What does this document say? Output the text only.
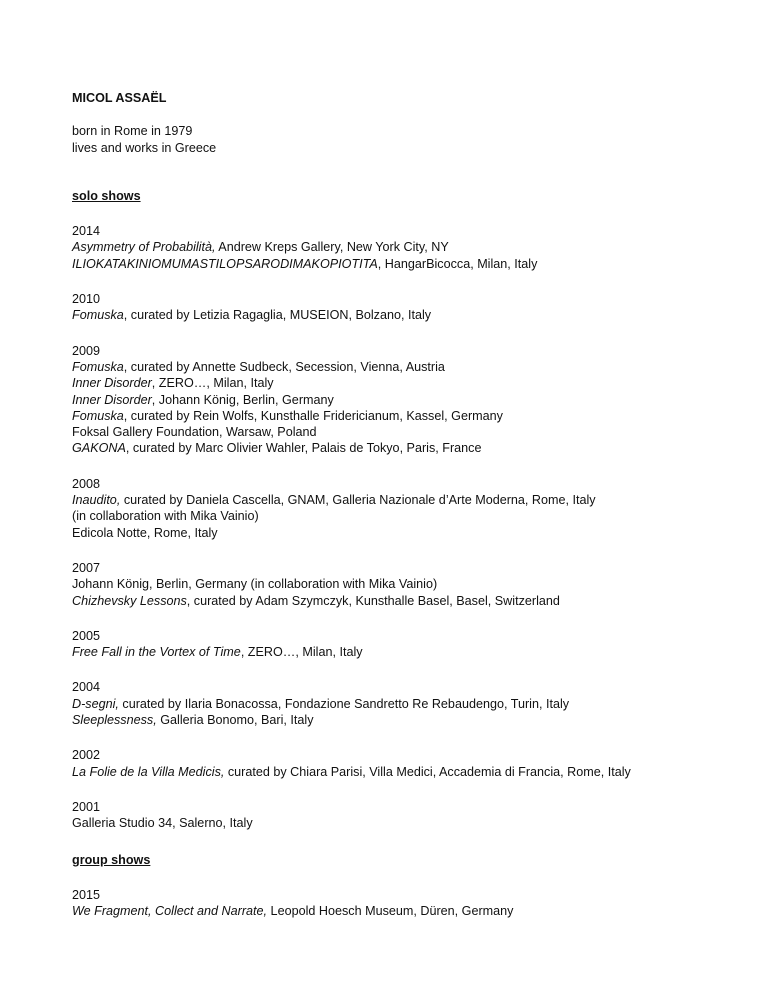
MICOL ASSAËL
born in Rome in 1979
lives and works in Greece
solo shows
2014
Asymmetry of Probabilità, Andrew Kreps Gallery, New York City, NY
ILIOKATAKINIOMUMASTILOPSARODIMAKOPIOTITA, HangarBicocca, Milan, Italy
2010
Fomuska, curated by Letizia Ragaglia, MUSEION, Bolzano, Italy
2009
Fomuska, curated by Annette Sudbeck, Secession, Vienna, Austria
Inner Disorder, ZERO…, Milan, Italy
Inner Disorder, Johann König, Berlin, Germany
Fomuska, curated by Rein Wolfs, Kunsthalle Fridericianum, Kassel, Germany
Foksal Gallery Foundation, Warsaw, Poland
GAKONA, curated by Marc Olivier Wahler, Palais de Tokyo, Paris, France
2008
Inaudito, curated by Daniela Cascella, GNAM, Galleria Nazionale d’Arte Moderna, Rome, Italy
(in collaboration with Mika Vainio)
Edicola Notte, Rome, Italy
2007
Johann König, Berlin, Germany (in collaboration with Mika Vainio)
Chizhevsky Lessons, curated by Adam Szymczyk, Kunsthalle Basel, Basel, Switzerland
2005
Free Fall in the Vortex of Time, ZERO…, Milan, Italy
2004
D-segni, curated by Ilaria Bonacossa, Fondazione Sandretto Re Rebaudengo, Turin, Italy
Sleeplessness, Galleria Bonomo, Bari, Italy
2002
La Folie de la Villa Medicis, curated by Chiara Parisi, Villa Medici, Accademia di Francia, Rome, Italy
2001
Galleria Studio 34, Salerno, Italy
group shows
2015
We Fragment, Collect and Narrate, Leopold Hoesch Museum, Düren, Germany
